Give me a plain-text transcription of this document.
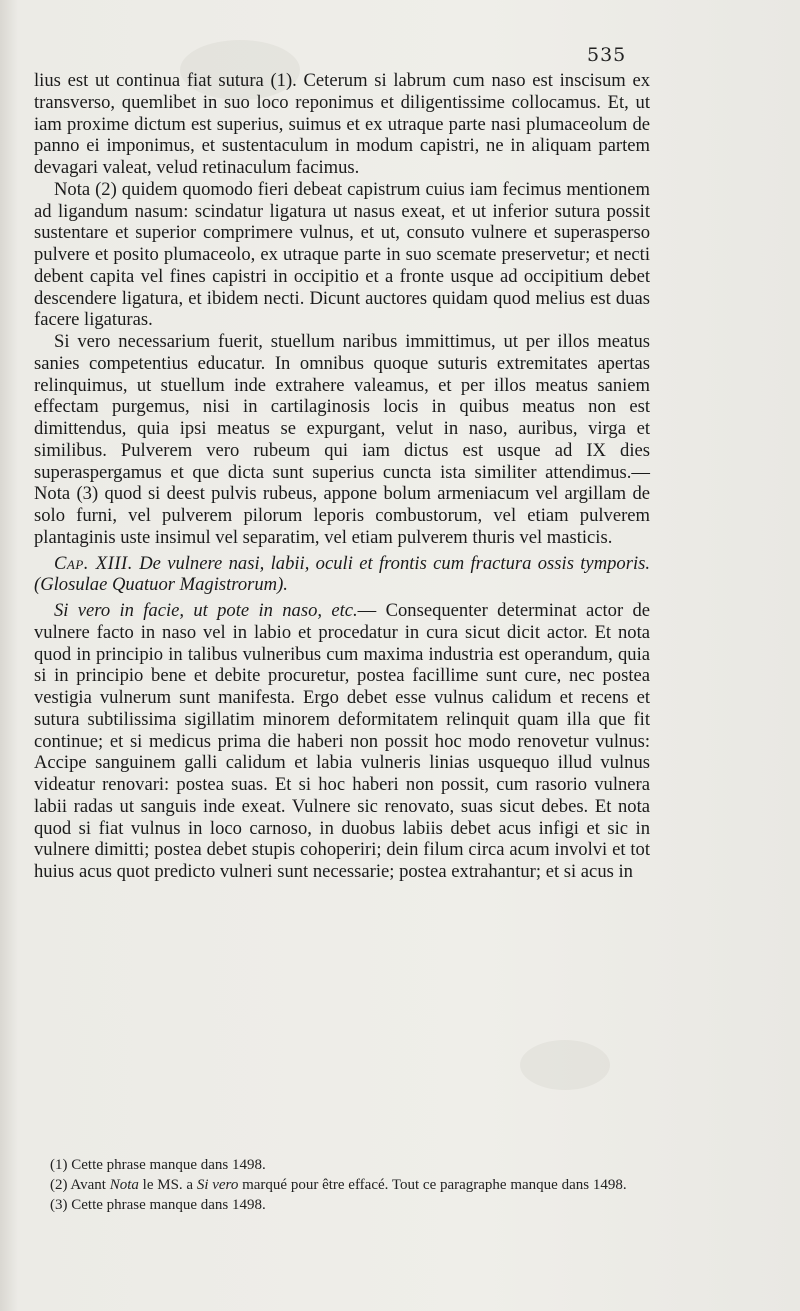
535

lius est ut continua fiat sutura (1). Ceterum si labrum cum naso est inscisum ex transverso, quemlibet in suo loco reponimus et diligentissime collocamus. Et, ut iam proxime dictum est superius, suimus et ex utraque parte nasi plumaceolum de panno ei imponimus, et sustentaculum in modum capistri, ne in aliquam partem devagari valeat, velud retinaculum facimus.

Nota (2) quidem quomodo fieri debeat capistrum cuius iam fecimus mentionem ad ligandum nasum: scindatur ligatura ut nasus exeat, et ut inferior sutura possit sustentare et superior comprimere vulnus, et ut, consuto vulnere et superasperso pulvere et posito plumaceolo, ex utraque parte in suo scemate preservetur; et necti debent capita vel fines capistri in occipitio et a fronte usque ad occipitium debet descendere ligatura, et ibidem necti. Dicunt auctores quidam quod melius est duas facere ligaturas.

Si vero necessarium fuerit, stuellum naribus immittimus, ut per illos meatus sanies competentius educatur. In omnibus quoque suturis extremitates apertas relinquimus, ut stuellum inde extrahere valeamus, et per illos meatus saniem effectam purgemus, nisi in cartilaginosis locis in quibus meatus non est dimittendus, quia ipsi meatus se expurgant, velut in naso, auribus, virga et similibus. Pulverem vero rubeum qui iam dictus est usque ad IX dies superaspergamus et que dicta sunt superius cuncta ista similiter attendimus.— Nota (3) quod si deest pulvis rubeus, appone bolum armeniacum vel argillam de solo furni, vel pulverem pilorum leporis combustorum, vel etiam pulverem plantaginis uste insimul vel separatim, vel etiam pulverem thuris vel masticis.

Cap. XIII. De vulnere nasi, labii, oculi et frontis cum fractura ossis tymporis. (Glosulae Quatuor Magistrorum).

Si vero in facie, ut pote in naso, etc.— Consequenter determinat actor de vulnere facto in naso vel in labio et procedatur in cura sicut dicit actor. Et nota quod in principio in talibus vulneribus cum maxima industria est operandum, quia si in principio bene et debite procuretur, postea facillime sunt cure, nec postea vestigia vulnerum sunt manifesta. Ergo debet esse vulnus calidum et recens et sutura subtilissima sigillatim minorem deformitatem relinquit quam illa que fit continue; et si medicus prima die haberi non possit hoc modo renovetur vulnus: Accipe sanguinem galli calidum et labia vulneris linias usquequo illud vulnus videatur renovari: postea suas. Et si hoc haberi non possit, cum rasorio vulnera labii radas ut sanguis inde exeat. Vulnere sic renovato, suas sicut debes. Et nota quod si fiat vulnus in loco carnoso, in duobus labiis debet acus infigi et sic in vulnere dimitti; postea debet stupis cohoperiri; dein filum circa acum involvi et tot huius acus quot predicto vulneri sunt necessarie; postea extrahantur; et si acus in

(1) Cette phrase manque dans 1498.

(2) Avant Nota le MS. a Si vero marqué pour être effacé. Tout ce paragraphe manque dans 1498.

(3) Cette phrase manque dans 1498.
